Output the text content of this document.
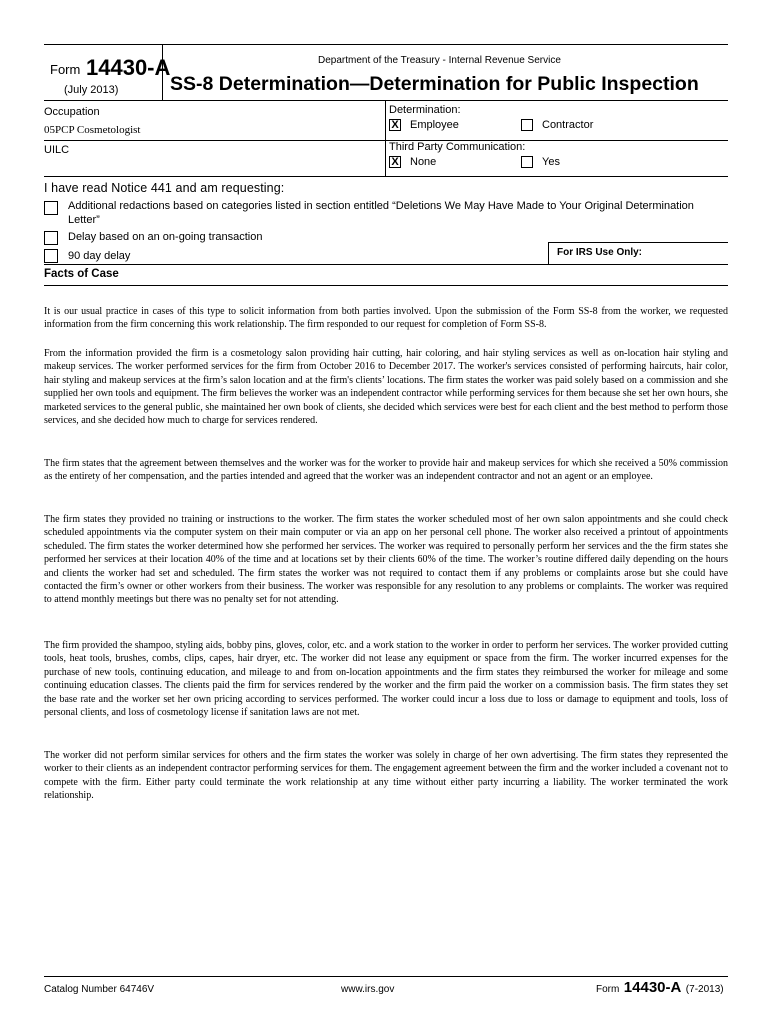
Form 14430-A
(July 2013)
Department of the Treasury - Internal Revenue Service
SS-8 Determination—Determination for Public Inspection
Occupation
05PCP Cosmetologist
Determination:
X Employee	Contractor
UILC	Third Party Communication:
X None	Yes
I have read Notice 441 and am requesting:
Additional redactions based on categories listed in section entitled “Deletions We May Have Made to Your Original Determination
Letter”
Delay based on an on-going transaction
90 day delay	For IRS Use Only:
Facts of Case

It is our usual practice in cases of this type to solicit information from both parties involved. Upon the submission of the Form SS-8 from the worker, we requested information from the firm concerning this work relationship. The firm responded to our request for completion of Form SS-8.

From the information provided the firm is a cosmetology salon providing hair cutting, hair coloring, and hair styling services as well as on-location hair styling and makeup services. The worker performed services for the firm from October 2016 to December 2017. The worker's services consisted of performing haircuts, hair color, hair styling and makeup services at the firm’s salon location and at the firm's clients’ locations. The firm states the worker was paid solely based on a commission and she supplied her own tools and equipment. The firm believes the worker was an independent contractor while performing services for them because she set her own hours, she marketed services to the general public, she maintained her own book of clients, she decided which services were best for each client and the best method to perform those services, and she decided how much to charge for services rendered.

The firm states that the agreement between themselves and the worker was for the worker to provide hair and makeup services for which she received a 50% commission as the entirety of her compensation, and the parties intended and agreed that the worker was an independent contractor and not an agent or an employee.

The firm states they provided no training or instructions to the worker. The firm states the worker scheduled most of her own salon appointments and she could check scheduled appointments via the computer system on their main computer or via an app on her personal cell phone. The worker also received a printout of appointments scheduled. The firm states the worker determined how she performed her services. The worker was required to personally perform her services and the the firm states she performed her services at their location 40% of the time and at locations set by their clients 60% of the time. The worker’s routine differed daily depending on the hours and clients the worker had set and scheduled. The firm states the worker was not required to contact them if any problems or complaints arose but she could have contacted the firm’s owner or other workers from their business. The worker was responsible for any resolution to any problems or complaints. The worker was required to attend monthly meetings but there was no penalty set for not attending.

The firm provided the shampoo, styling aids, bobby pins, gloves, color, etc. and a work station to the worker in order to perform her services. The worker provided cutting tools, heat tools, brushes, combs, clips, capes, hair dryer, etc. The worker did not lease any equipment or space from the firm. The worker incurred expenses for the purchase of new tools, continuing education, and mileage to and from on-location appointments and the firm states they reimbursed the worker for mileage and some continuing education classes. The clients paid the firm for services rendered by the worker and the firm paid the worker on a commission basis. The firm states they set the base rate and the worker set her own pricing according to services performed. The worker could incur a loss due to loss or damage to equipment and tools, loss of personal clients, and loss of cosmetology license if sanitation laws are not met.

The worker did not perform similar services for others and the firm states the worker was solely in charge of her own advertising. The firm states they represented the worker to their clients as an independent contractor performing services for them. The engagement agreement between the firm and the worker included a covenant not to compete with the firm. Either party could terminate the work relationship at any time without either party incurring a liability. The worker terminated the work relationship.

Catalog Number 64746V	www.irs.gov	Form 14430-A (7-2013)
